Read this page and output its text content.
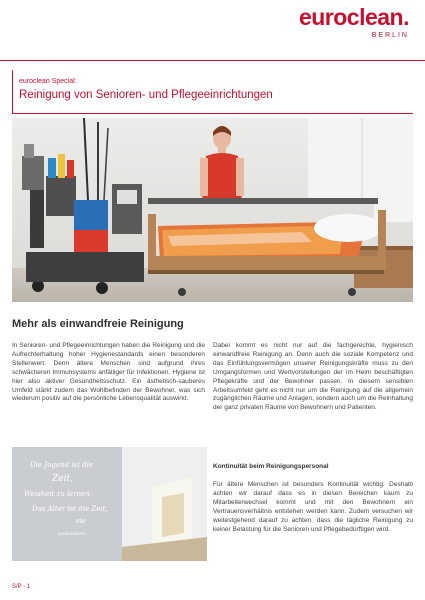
euroclean.
BERLIN
euroclean Special:
Reinigung von Senioren- und Pflegeeinrichtungen
Mehr als einwandfreie Reinigung

In Senioren- und Pflegeeinrichtungen haben die Reinigung und die Aufrechterhaltung hoher Hygienestandards einen besonderen Stellenwert. Denn ältere Menschen sind aufgrund ihres schwächeren Immunsystems anfälliger für Infektionen. Hygiene ist hier also aktiver Gesundheitsschutz. Ein ästhetisch-sauberes Umfeld stärkt zudem das Wohlbefinden der Bewohner, was sich wiederum positiv auf die persönliche Lebensqualität auswirkt.

Dabei kommt es nicht nur auf die fachgerechte, hygienisch einwandfreie Reinigung an. Denn auch die soziale Kompetenz und das Einfühlungsvermögen unserer Reinigungskräfte muss zu den Umgangsformen und Wertvorstellungen der im Heim beschäftigten Pflegekräfte und der Bewohner passen. In diesem sensiblen Arbeitsumfeld geht es nicht nur um die Reinigung auf die allgemein zugänglichen Räume und Anlagen, sondern auch um die Reinhaltung der ganz privaten Räume von Bewohnern und Patienten.

Kontinuität beim Reinigungspersonal

Für ältere Menschen ist besonders Kontinuität wichtig. Deshalb achten wir darauf dass es in diesen Bereichen kaum zu Mitarbeiterwechsel kommt und mit den Bewohnern ein Vertrauensverhältnis entstehen werden kann. Zudem versuchen wir weitestgehend darauf zu achten, dass die tägliche Reinigung zu keiner Belastung für die Senioren und Pflegebedürftigen wird.

Die Jugend ist die
Zeit,
Weisheit zu lernen.
Das Alter ist die Zeit,
sie
auszuüben.
S/P - 1
